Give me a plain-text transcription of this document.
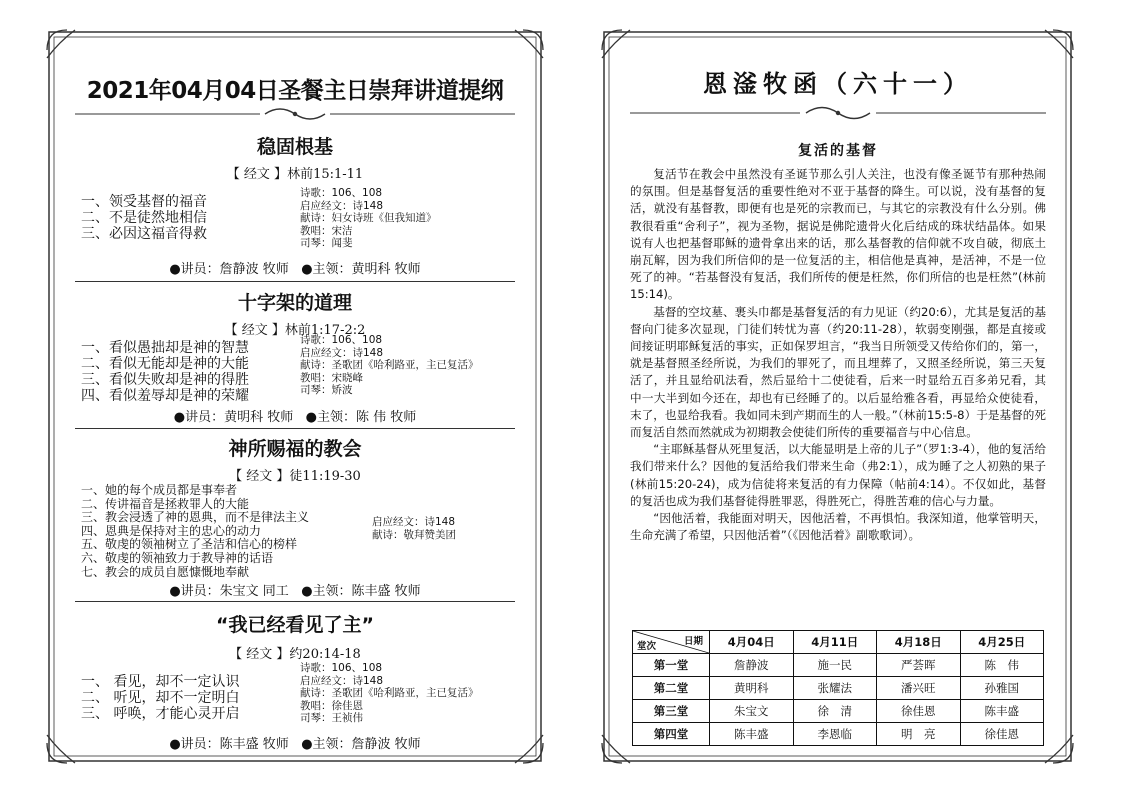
2021年04月04日圣餐主日崇拜讲道提纲
稳固根基
【 经文 】林前15:1-11
一、领受基督的福音
二、不是徒然地相信
三、必因这福音得救
诗歌：106、108
启应经文：诗148
献诗：妇女诗班《但我知道》
教唱：宋洁
司琴：闻斐
●讲员：詹静波 牧师 ●主领：黄明科 牧师
十字架的道理
【 经文 】林前1:17-2:2
一、看似愚拙却是神的智慧
二、看似无能却是神的大能
三、看似失败却是神的得胜
四、看似羞辱却是神的荣耀
诗歌：106、108
启应经文：诗148
献诗：圣歌团《哈利路亚，主已复活》
教唱：宋晓峰
司琴：矫波
●讲员：黄明科 牧师 ●主领：陈 伟 牧师
神所赐福的教会
【 经文 】徒11:19-30
一、她的每个成员都是事奉者
二、传讲福音是拯救罪人的大能
三、教会浸透了神的恩典，而不是律法主义
四、恩典是保持对主的忠心的动力
五、敬虔的领袖树立了圣洁和信心的榜样
六、敬虔的领袖致力于教导神的话语
七、教会的成员自愿慷慨地奉献
启应经文：诗148
献诗：敬拜赞美团
●讲员：朱宝文 同工 ●主领：陈丰盛 牧师
“我已经看见了主”
【 经文 】约20:14-18
一、 看见，却不一定认识
二、 听见，却不一定明白
三、 呼唤，才能心灵开启
诗歌：106、108
启应经文：诗148
献诗：圣歌团《哈利路亚，主已复活》
教唱：徐佳恩
司琴：王祯伟
●讲员：陈丰盛 牧师 ●主领：詹静波 牧师
恩滏牧函（六十一）
复活的基督

复活节在教会中虽然没有圣诞节那么引人关注，也没有像圣诞节有那种热闹的氛围。但是基督复活的重要性绝对不亚于基督的降生。可以说，没有基督的复活，就没有基督教，即便有也是死的宗教而已，与其它的宗教没有什么分别。佛教很看重“舍利子”，视为圣物，据说是佛陀遗骨火化后结成的珠状结晶体。如果说有人也把基督耶稣的遗骨拿出来的话，那么基督教的信仰就不攻自破，彻底土崩瓦解，因为我们所信仰的是一位复活的主，相信他是真神，是活神，不是一位死了的神。“若基督没有复活，我们所传的便是枉然，你们所信的也是枉然”(林前15:14)。

基督的空坟墓、裹头巾都是基督复活的有力见证（约20:6），尤其是复活的基督向门徒多次显现，门徒们转忧为喜（约20:11-28），软弱变刚强，都是直接或间接证明耶稣复活的事实，正如保罗坦言，“我当日所领受又传给你们的，第一，就是基督照圣经所说，为我们的罪死了，而且埋葬了，又照圣经所说，第三天复活了，并且显给矶法看，然后显给十二使徒看，后来一时显给五百多弟兄看，其中一大半到如今还在，却也有已经睡了的。以后显给雅各看，再显给众使徒看，末了，也显给我看。我如同未到产期而生的人一般。”（林前15:5-8）于是基督的死而复活自然而然就成为初期教会使徒们所传的重要福音与中心信息。

“主耶稣基督从死里复活，以大能显明是上帝的儿子”（罗1:3-4），他的复活给我们带来什么？因他的复活给我们带来生命（弗2:1），成为睡了之人初熟的果子(林前15:20-24)，成为信徒将来复活的有力保障（帖前4:14）。不仅如此，基督的复活也成为我们基督徒得胜罪恶，得胜死亡，得胜苦难的信心与力量。

“因他活着，我能面对明天，因他活着，不再惧怕。我深知道，他掌管明天，生命充满了希望，只因他活着”（《因他活着》副歌歌词）。

日期
堂次	4月04日	4月11日	4月18日	4月25日
第一堂	詹静波	施一民	严荟晖	陈　伟
第二堂	黄明科	张耀法	潘兴旺	孙雅国
第三堂	朱宝文	徐　清	徐佳恩	陈丰盛
第四堂	陈丰盛	李恩临	明　亮	徐佳恩
